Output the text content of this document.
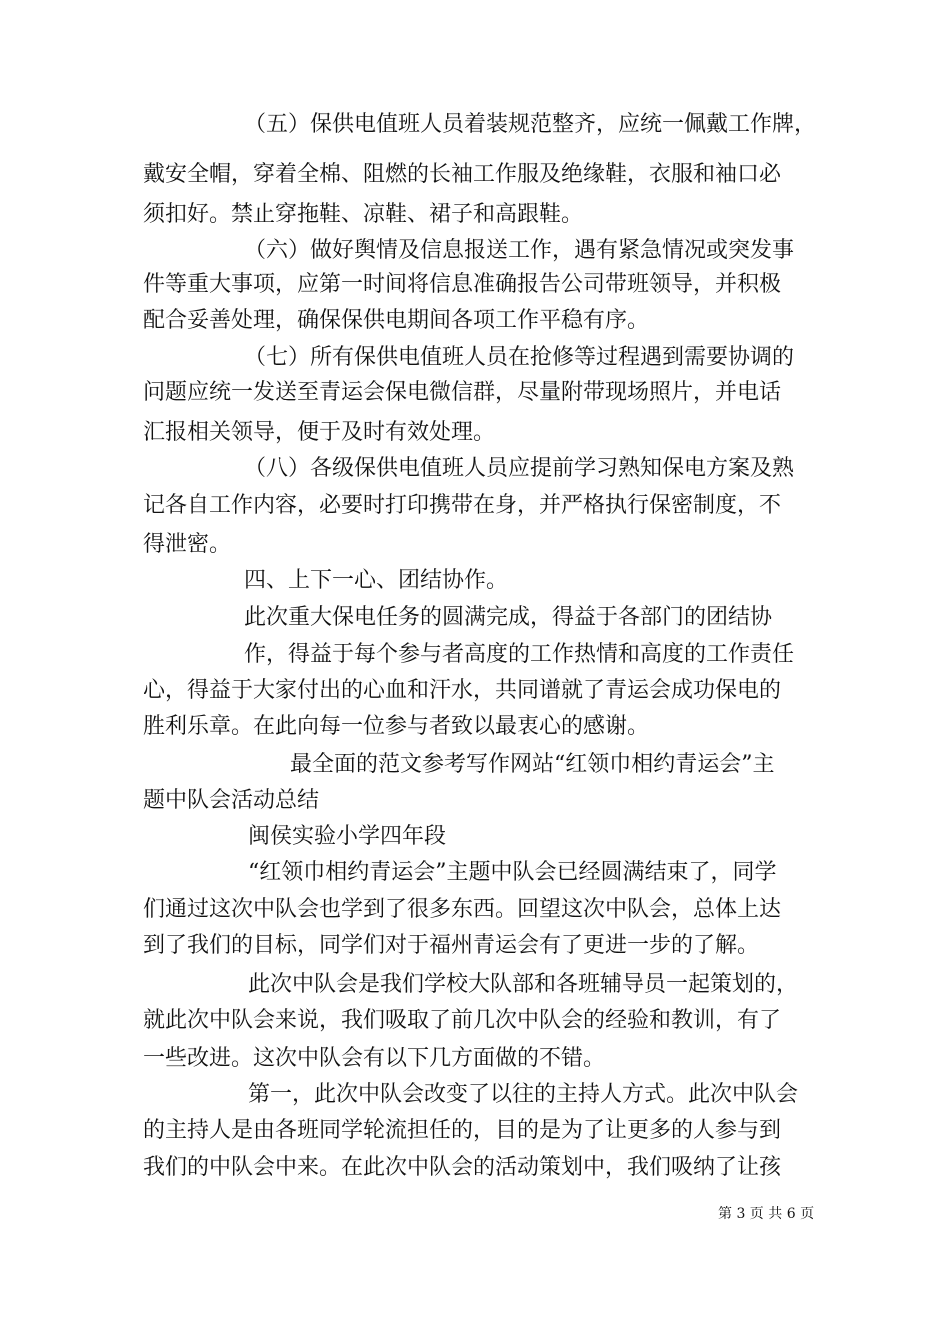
（五）保供电值班人员着装规范整齐，应统一佩戴工作牌，
戴安全帽，穿着全棉、阻燃的长袖工作服及绝缘鞋，衣服和袖口必
须扣好。禁止穿拖鞋、凉鞋、裙子和高跟鞋。
（六）做好舆情及信息报送工作，遇有紧急情况或突发事
件等重大事项，应第一时间将信息准确报告公司带班领导，并积极
配合妥善处理，确保保供电期间各项工作平稳有序。
（七）所有保供电值班人员在抢修等过程遇到需要协调的
问题应统一发送至青运会保电微信群，尽量附带现场照片，并电话
汇报相关领导，便于及时有效处理。
（八）各级保供电值班人员应提前学习熟知保电方案及熟
记各自工作内容，必要时打印携带在身，并严格执行保密制度，不
得泄密。
四、上下一心、团结协作。
此次重大保电任务的圆满完成，得益于各部门的团结协
作，得益于每个参与者高度的工作热情和高度的工作责任
心，得益于大家付出的心血和汗水，共同谱就了青运会成功保电的
胜利乐章。在此向每一位参与者致以最衷心的感谢。
最全面的范文参考写作网站“红领巾相约青运会”主
题中队会活动总结
闽侯实验小学四年段
“红领巾相约青运会”主题中队会已经圆满结束了，同学
们通过这次中队会也学到了很多东西。回望这次中队会，总体上达
到了我们的目标，同学们对于福州青运会有了更进一步的了解。
此次中队会是我们学校大队部和各班辅导员一起策划的，
就此次中队会来说，我们吸取了前几次中队会的经验和教训，有了
一些改进。这次中队会有以下几方面做的不错。
第一，此次中队会改变了以往的主持人方式。此次中队会
的主持人是由各班同学轮流担任的，目的是为了让更多的人参与到
我们的中队会中来。在此次中队会的活动策划中，我们吸纳了让孩
第 3 页 共 6 页
